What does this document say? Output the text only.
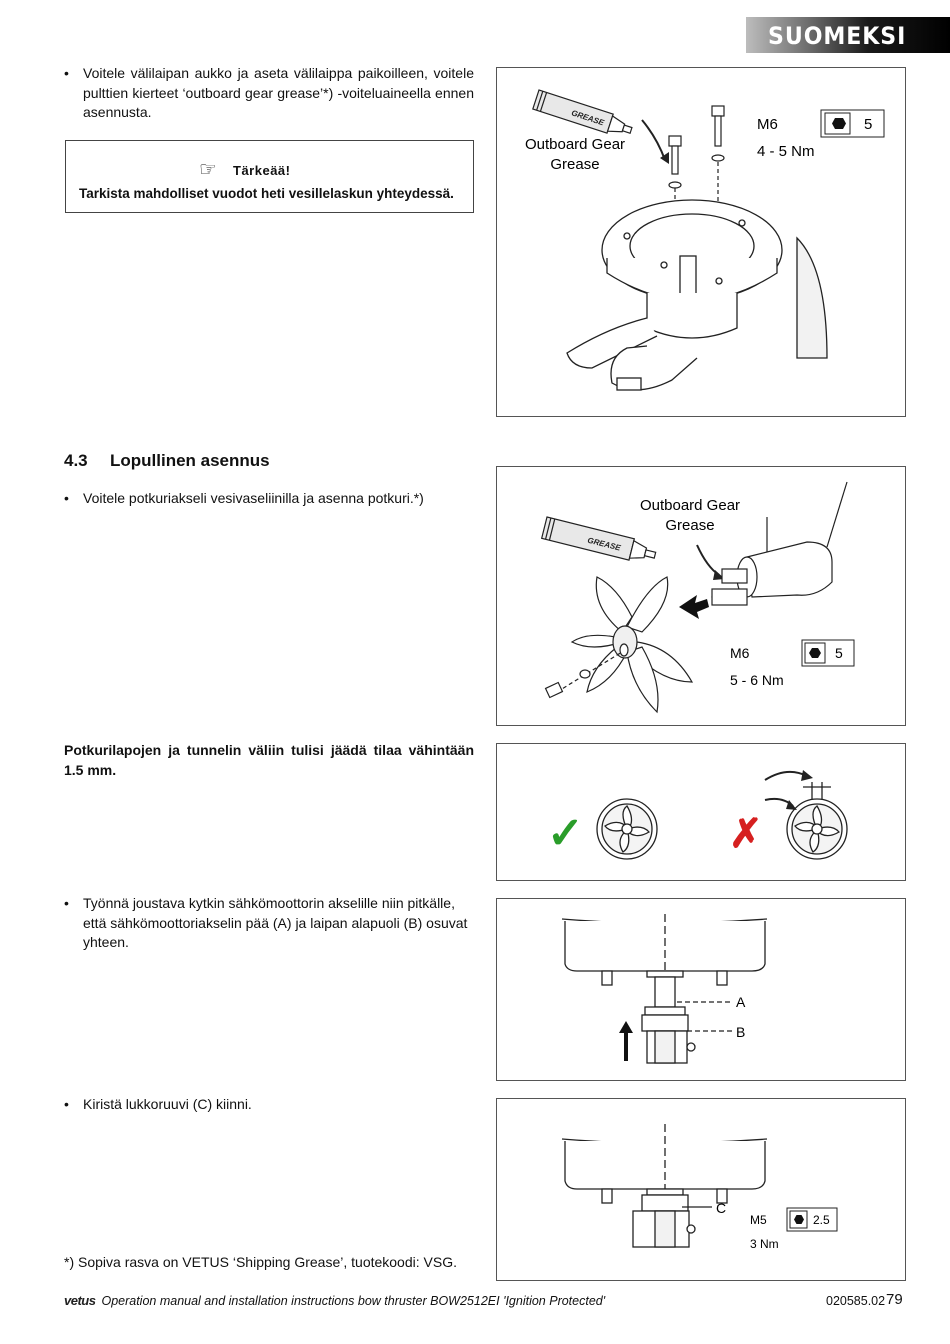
SUOMEKSI
• Voitele välilaipan aukko ja aseta välilaippa paikoilleen, voitele pulttien kierteet ‘outboard gear grease’*) -voiteluaineella ennen asennusta.
☞ Tärkeää!
Tarkista mahdolliset vuodot heti vesillelaskun yhteydessä.
GREASE
Outboard Gear
Grease
M6
4 - 5 Nm
5
4.3 Lopullinen asennus
• Voitele potkuriakseli vesivaseliinilla ja asenna potkuri.*)
GREASE
Outboard Gear
Grease
M6
5 - 6 Nm
5
Potkurilapojen ja tunnelin väliin tulisi jäädä tilaa vähintään 1.5 mm.
✓	✗
• Työnnä joustava kytkin sähkömoottorin akselille niin pitkälle, että sähkömoottoriakselin pää (A) ja laipan alapuoli (B) osuvat yhteen.
A
B
• Kiristä lukkoruuvi (C) kiinni.
C
M5
3 Nm
2.5
*) Sopiva rasva on VETUS ‘Shipping Grease’, tuotekoodi: VSG.
vetus Operation manual and installation instructions bow thruster BOW2512EI 'Ignition Protected'	020585.02 79
